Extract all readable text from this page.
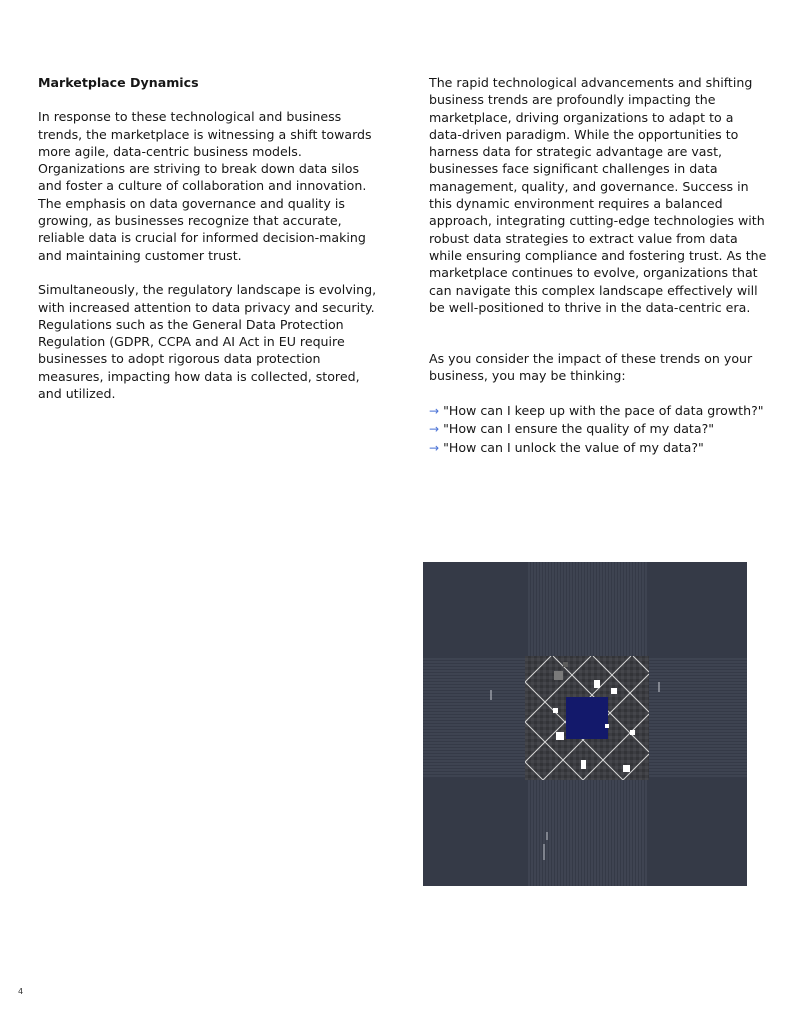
Marketplace Dynamics

In response to these technological and business trends, the marketplace is witnessing a shift towards more agile, data-centric business models. Organizations are striving to break down data silos and foster a culture of collaboration and innovation. The emphasis on data governance and quality is growing, as businesses recognize that accurate, reliable data is crucial for informed decision-making and maintaining customer trust.

Simultaneously, the regulatory landscape is evolving, with increased attention to data privacy and security. Regulations such as the General Data Protection Regulation (GDPR, CCPA and AI Act in EU require businesses to adopt rigorous data protection measures, impacting how data is collected, stored, and utilized.

The rapid technological advancements and shifting business trends are profoundly impacting the marketplace, driving organizations to adapt to a data-driven paradigm. While the opportunities to harness data for strategic advantage are vast, businesses face significant challenges in data management, quality, and governance. Success in this dynamic environment requires a balanced approach, integrating cutting-edge technologies with robust data strategies to extract value from data while ensuring compliance and fostering trust. As the marketplace continues to evolve, organizations that can navigate this complex landscape effectively will be well-positioned to thrive in the data-centric era.

As you consider the impact of these trends on your business, you may be thinking:

→ "How can I keep up with the pace of data growth?"
→ "How can I ensure the quality of my data?"
→ "How can I unlock the value of my data?"
4
